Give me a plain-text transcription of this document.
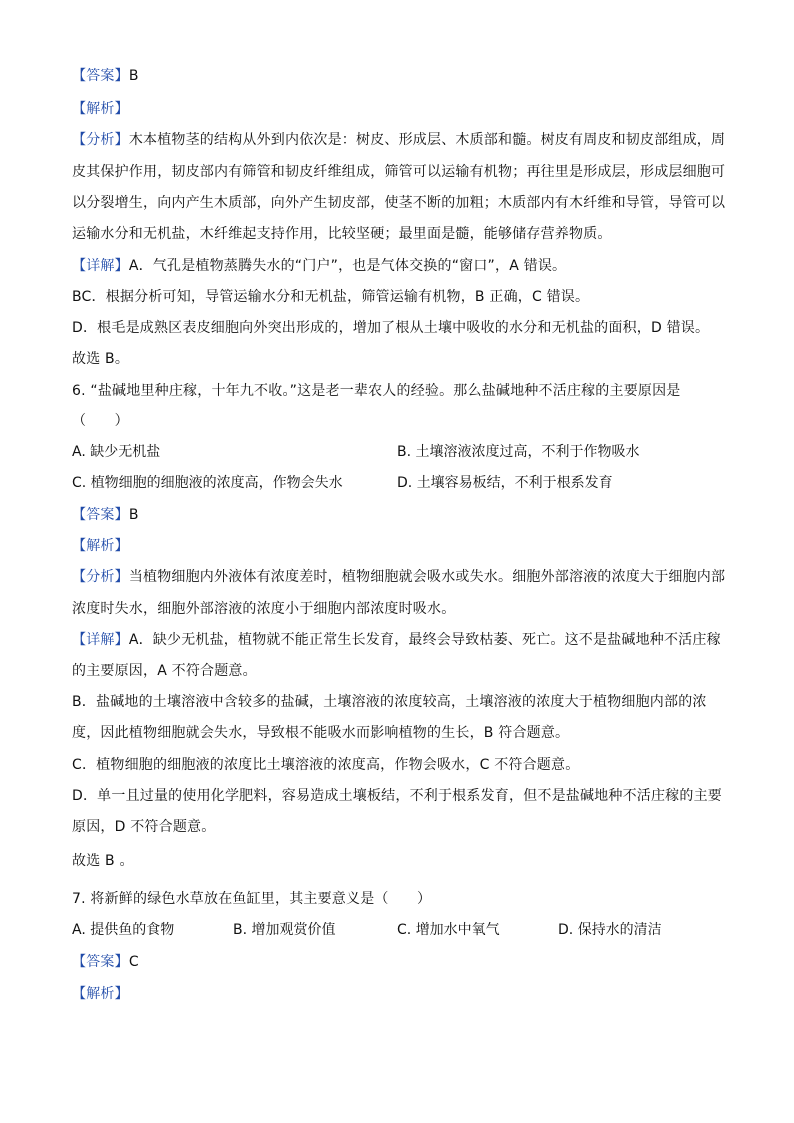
【答案】B
【解析】
【分析】木本植物茎的结构从外到内依次是：树皮、形成层、木质部和髓。树皮有周皮和韧皮部组成，周
皮其保护作用，韧皮部内有筛管和韧皮纤维组成，筛管可以运输有机物；再往里是形成层，形成层细胞可
以分裂增生，向内产生木质部，向外产生韧皮部，使茎不断的加粗；木质部内有木纤维和导管，导管可以
运输水分和无机盐，木纤维起支持作用，比较坚硬；最里面是髓，能够储存营养物质。
【详解】A．气孔是植物蒸腾失水的“门户”，也是气体交换的“窗口”，A 错误。
BC．根据分析可知，导管运输水分和无机盐，筛管运输有机物，B 正确，C 错误。
D．根毛是成熟区表皮细胞向外突出形成的，增加了根从土壤中吸收的水分和无机盐的面积，D 错误。
故选 B。
6. “盐碱地里种庄稼，十年九不收。”这是老一辈农人的经验。那么盐碱地种不活庄稼的主要原因是
（　　）
A. 缺少无机盐	B. 土壤溶液浓度过高，不利于作物吸水
C. 植物细胞的细胞液的浓度高，作物会失水	D. 土壤容易板结，不利于根系发育
【答案】B
【解析】
【分析】当植物细胞内外液体有浓度差时，植物细胞就会吸水或失水。细胞外部溶液的浓度大于细胞内部
浓度时失水，细胞外部溶液的浓度小于细胞内部浓度时吸水。
【详解】A．缺少无机盐，植物就不能正常生长发育，最终会导致枯萎、死亡。这不是盐碱地种不活庄稼
的主要原因，A 不符合题意。
B．盐碱地的土壤溶液中含较多的盐碱，土壤溶液的浓度较高，土壤溶液的浓度大于植物细胞内部的浓
度，因此植物细胞就会失水，导致根不能吸水而影响植物的生长，B 符合题意。
C．植物细胞的细胞液的浓度比土壤溶液的浓度高，作物会吸水，C 不符合题意。
D．单一且过量的使用化学肥料，容易造成土壤板结，不利于根系发育，但不是盐碱地种不活庄稼的主要
原因，D 不符合题意。
故选 B 。
7. 将新鲜的绿色水草放在鱼缸里，其主要意义是（　　）
A. 提供鱼的食物	B. 增加观赏价值	C. 增加水中氧气	D. 保持水的清洁
【答案】C
【解析】
